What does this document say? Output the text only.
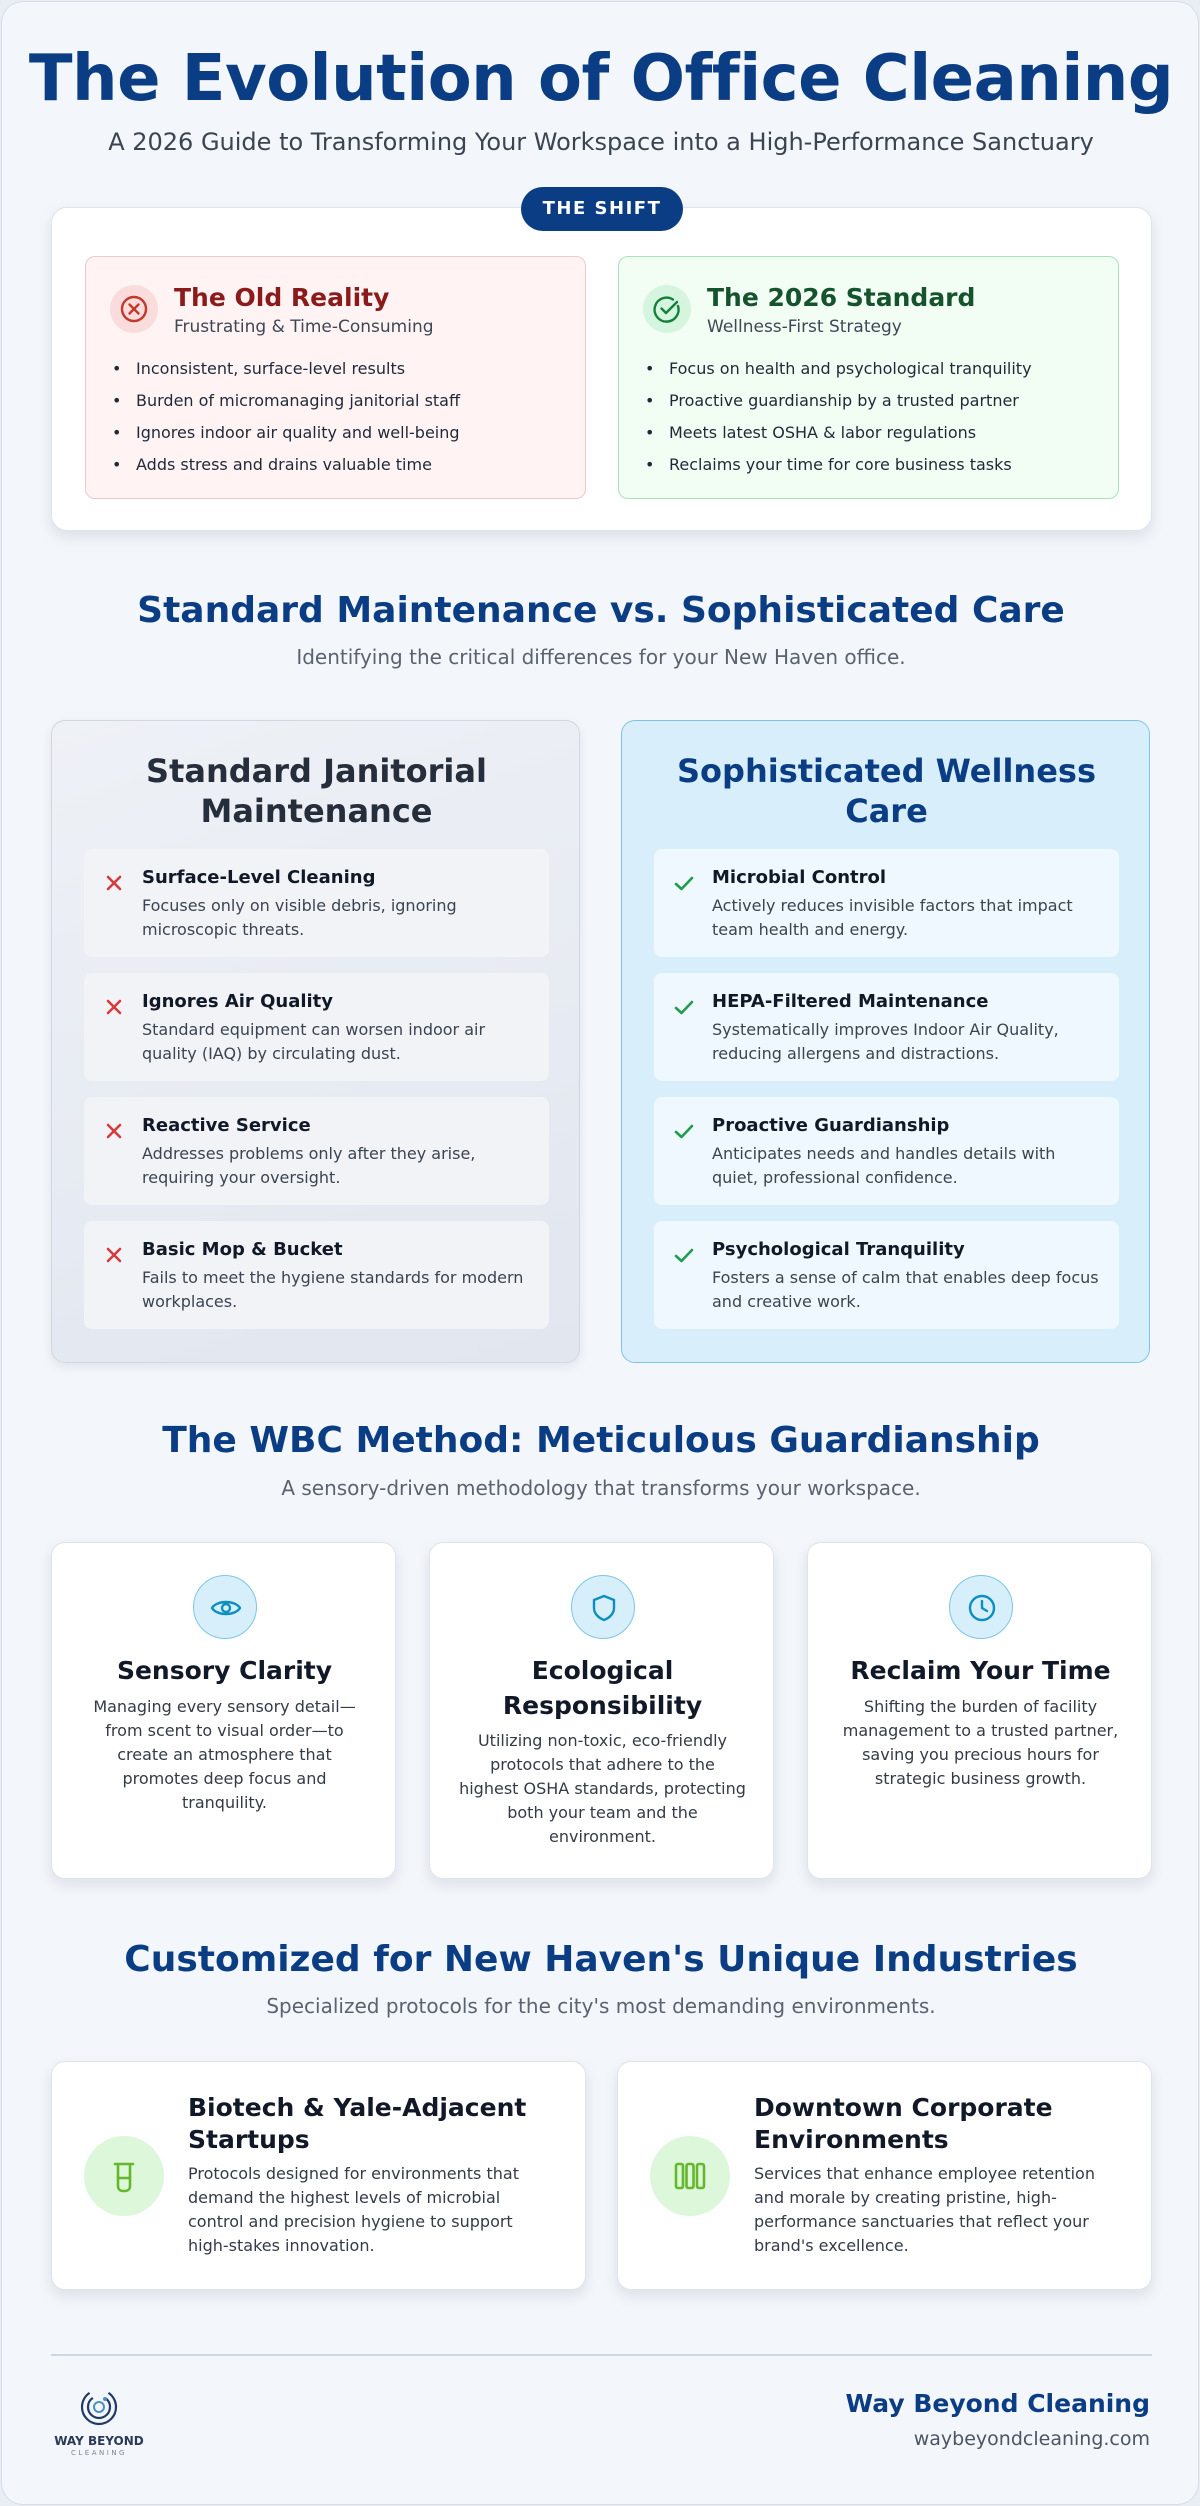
The Evolution of Office Cleaning
A 2026 Guide to Transforming Your Workspace into a High-Performance Sanctuary
THE SHIFT
The Old Reality
Frustrating & Time-Consuming
• Inconsistent, surface-level results
• Burden of micromanaging janitorial staff
• Ignores indoor air quality and well-being
• Adds stress and drains valuable time
The 2026 Standard
Wellness-First Strategy
• Focus on health and psychological tranquility
• Proactive guardianship by a trusted partner
• Meets latest OSHA & labor regulations
• Reclaims your time for core business tasks
Standard Maintenance vs. Sophisticated Care
Identifying the critical differences for your New Haven office.
Standard Janitorial Maintenance
Surface-Level Cleaning
Focuses only on visible debris, ignoring microscopic threats.
Ignores Air Quality
Standard equipment can worsen indoor air quality (IAQ) by circulating dust.
Reactive Service
Addresses problems only after they arise, requiring your oversight.
Basic Mop & Bucket
Fails to meet the hygiene standards for modern workplaces.
Sophisticated Wellness Care
Microbial Control
Actively reduces invisible factors that impact team health and energy.
HEPA-Filtered Maintenance
Systematically improves Indoor Air Quality, reducing allergens and distractions.
Proactive Guardianship
Anticipates needs and handles details with quiet, professional confidence.
Psychological Tranquility
Fosters a sense of calm that enables deep focus and creative work.
The WBC Method: Meticulous Guardianship
A sensory-driven methodology that transforms your workspace.
Sensory Clarity
Managing every sensory detail—from scent to visual order—to create an atmosphere that promotes deep focus and tranquility.
Ecological Responsibility
Utilizing non-toxic, eco-friendly protocols that adhere to the highest OSHA standards, protecting both your team and the environment.
Reclaim Your Time
Shifting the burden of facility management to a trusted partner, saving you precious hours for strategic business growth.
Customized for New Haven's Unique Industries
Specialized protocols for the city's most demanding environments.
Biotech & Yale-Adjacent Startups
Protocols designed for environments that demand the highest levels of microbial control and precision hygiene to support high-stakes innovation.
Downtown Corporate Environments
Services that enhance employee retention and morale by creating pristine, high-performance sanctuaries that reflect your brand's excellence.
WAY BEYOND
CLEANING
Way Beyond Cleaning
waybeyondcleaning.com
